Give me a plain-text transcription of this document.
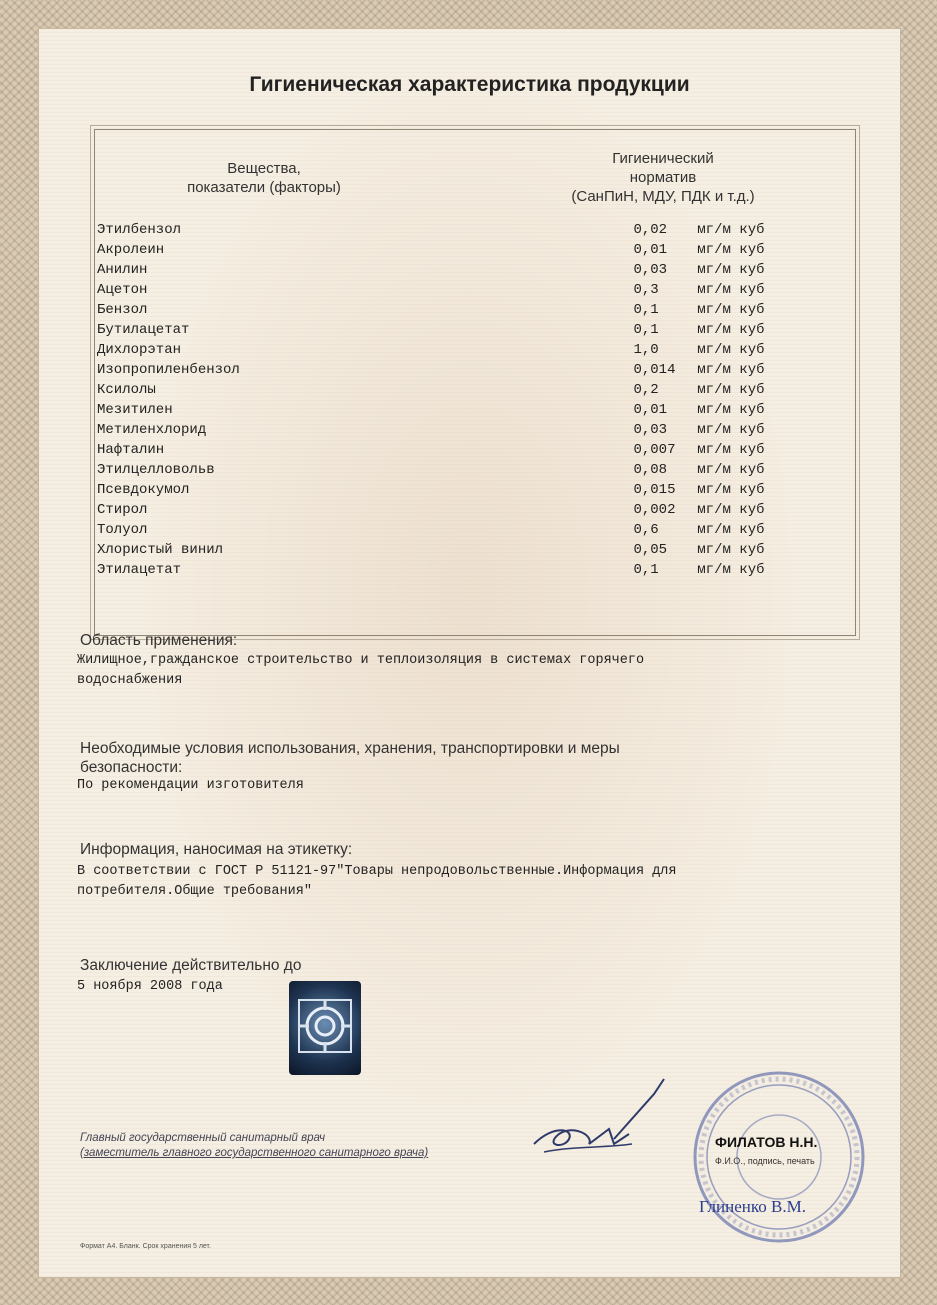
Гигиеническая характеристика продукции
Вещества,
показатели (факторы)
Гигиенический
норматив
(СанПиН, МДУ, ПДК и т.д.)
Этилбензол	0,02	мг/м куб
Акролеин	0,01	мг/м куб
Анилин	0,03	мг/м куб
Ацетон	0,3	мг/м куб
Бензол	0,1	мг/м куб
Бутилацетат	0,1	мг/м куб
Дихлорэтан	1,0	мг/м куб
Изопропиленбензол	0,014	мг/м куб
Ксилолы	0,2	мг/м куб
Мезитилен	0,01	мг/м куб
Метиленхлорид	0,03	мг/м куб
Нафталин	0,007	мг/м куб
Этилцелловольв	0,08	мг/м куб
Псевдокумол	0,015	мг/м куб
Стирол	0,002	мг/м куб
Толуол	0,6	мг/м куб
Хлористый винил	0,05	мг/м куб
Этилацетат	0,1	мг/м куб
Область применения:
Жилищное,гражданское строительство и теплоизоляция в системах горячего
водоснабжения
Необходимые условия использования, хранения, транспортировки и меры
безопасности:
По рекомендации изготовителя
Информация, наносимая на этикетку:
В соответствии с ГОСТ Р 51121-97"Товары непродовольственные.Информация для
потребителя.Общие требования"
Заключение действительно до
5 ноября 2008 года
Главный государственный санитарный врач
(заместитель главного государственного санитарного врача)
ФИЛАТОВ Н.Н.
Ф.И.О., подпись, печать
Глиненко В.М.
Формат А4. Бланк. Срок хранения 5 лет.
